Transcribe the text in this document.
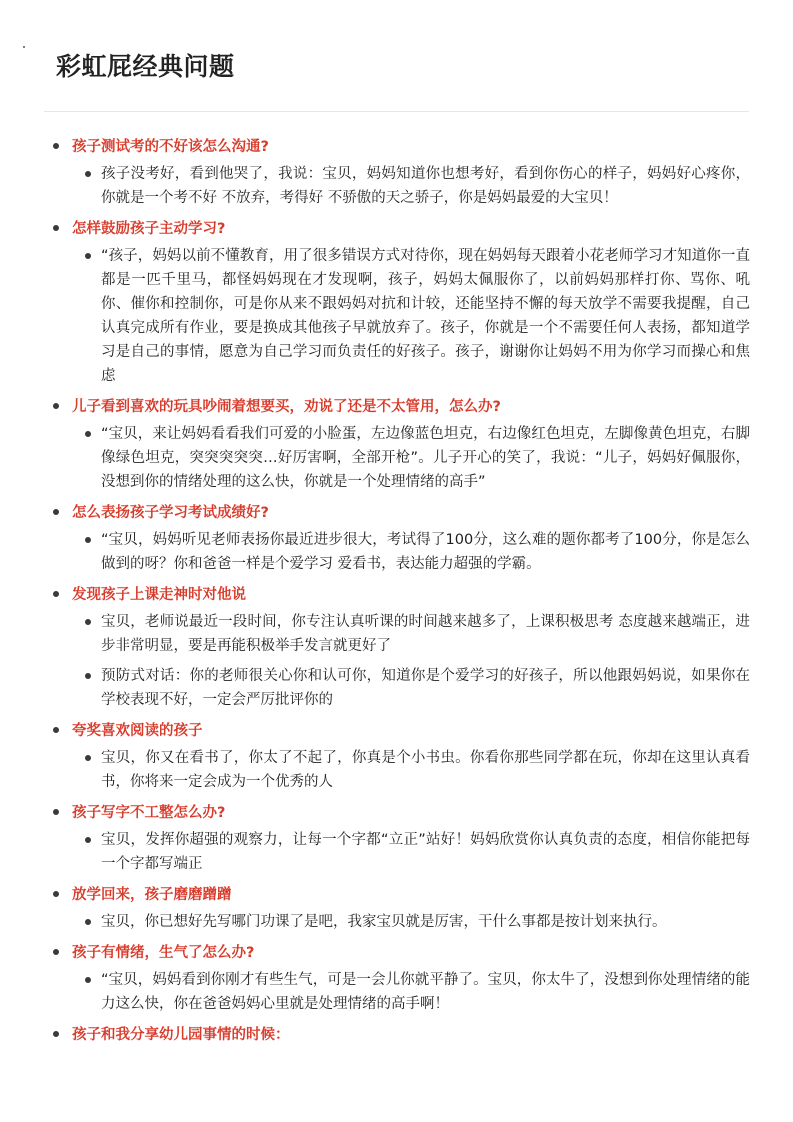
彩虹屁经典问题
孩子测试考的不好该怎么沟通?
孩子没考好，看到他哭了，我说：宝贝，妈妈知道你也想考好，看到你伤心的样子，妈妈好心疼你，你就是一个考不好 不放弃，考得好 不骄傲的天之骄子，你是妈妈最爱的大宝贝！
怎样鼓励孩子主动学习?
“孩子，妈妈以前不懂教育，用了很多错误方式对待你，现在妈妈每天跟着小花老师学习才知道你一直都是一匹千里马，都怪妈妈现在才发现啊，孩子，妈妈太佩服你了，以前妈妈那样打你、骂你、吼你、催你和控制你，可是你从来不跟妈妈对抗和计较，还能坚持不懈的每天放学不需要我提醒，自己认真完成所有作业，要是换成其他孩子早就放弃了。孩子，你就是一个不需要任何人表扬，都知道学习是自己的事情，愿意为自己学习而负责任的好孩子。孩子，谢谢你让妈妈不用为你学习而操心和焦虑
儿子看到喜欢的玩具吵闹着想要买，劝说了还是不太管用，怎么办?
“宝贝，来让妈妈看看我们可爱的小脸蛋，左边像蓝色坦克，右边像红色坦克，左脚像黄色坦克，右脚像绿色坦克，突突突突突…好厉害啊，全部开枪”。儿子开心的笑了，我说：“儿子，妈妈好佩服你，没想到你的情绪处理的这么快，你就是一个处理情绪的高手”
怎么表扬孩子学习考试成绩好?
“宝贝，妈妈听见老师表扬你最近进步很大，考试得了100分，这么难的题你都考了100分，你是怎么做到的呀？你和爸爸一样是个爱学习 爱看书，表达能力超强的学霸。
发现孩子上课走神时对他说
宝贝，老师说最近一段时间，你专注认真听课的时间越来越多了，上课积极思考 态度越来越端正，进步非常明显，要是再能积极举手发言就更好了
预防式对话：你的老师很关心你和认可你，知道你是个爱学习的好孩子，所以他跟妈妈说，如果你在学校表现不好，一定会严厉批评你的
夸奖喜欢阅读的孩子
宝贝，你又在看书了，你太了不起了，你真是个小书虫。你看你那些同学都在玩，你却在这里认真看书，你将来一定会成为一个优秀的人
孩子写字不工整怎么办?
宝贝，发挥你超强的观察力，让每一个字都“立正”站好！妈妈欣赏你认真负责的态度，相信你能把每一个字都写端正
放学回来，孩子磨磨蹭蹭
宝贝，你已想好先写哪门功课了是吧，我家宝贝就是厉害，干什么事都是按计划来执行。
孩子有情绪，生气了怎么办?
“宝贝，妈妈看到你刚才有些生气，可是一会儿你就平静了。宝贝，你太牛了，没想到你处理情绪的能力这么快，你在爸爸妈妈心里就是处理情绪的高手啊！
孩子和我分享幼儿园事情的时候：
